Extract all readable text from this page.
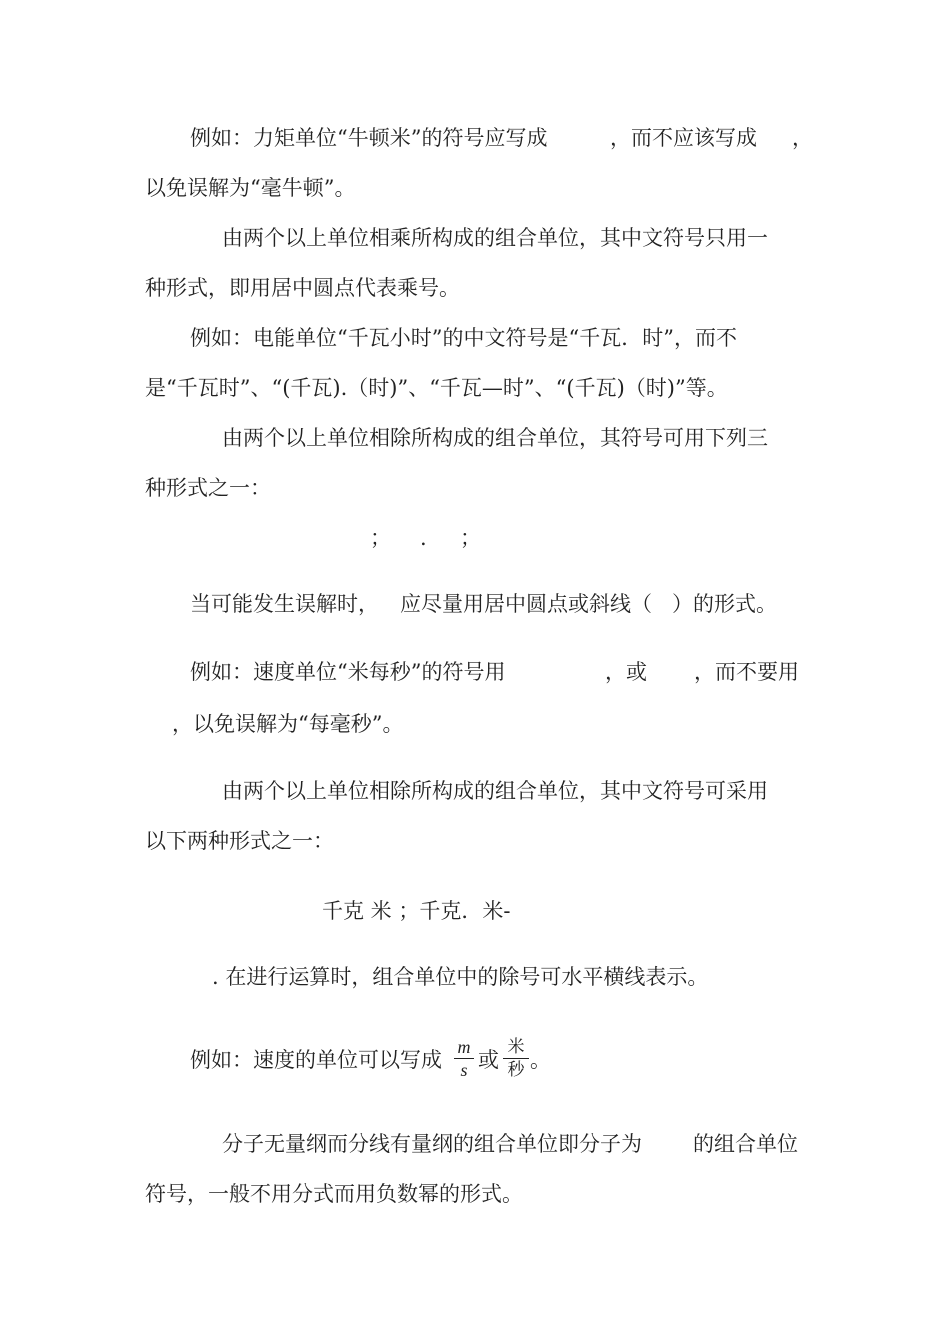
例如：力矩单位“牛顿米”的符号应写成	，而不应该写成 ，
以免误解为“毫牛顿”。
由两个以上单位相乘所构成的组合单位，其中文符号只用一
种形式，即用居中圆点代表乘号。
例如：电能单位“千瓦小时”的中文符号是“千瓦．时”，而不
是“千瓦时”、“(千瓦).（时)”、“千瓦—时”、“(千瓦)（时)”等。
由两个以上单位相除所构成的组合单位，其符号可用下列三
种形式之一：
； . ；
当可能发生误解时， 应尽量用居中圆点或斜线（ ）的形式。
例如：速度单位“米每秒”的符号用	，或 ，而不要用
，以免误解为“每毫秒”。
由两个以上单位相除所构成的组合单位，其中文符号可采用
以下两种形式之一：
千克 米 ；千克．米-
. 在进行运算时，组合单位中的除号可水平横线表示。
例如：速度的单位可以写成
m
s 或
米
秒 。
分子无量纲而分线有量纲的组合单位即分子为 的组合单位
符号，一般不用分式而用负数幂的形式。
